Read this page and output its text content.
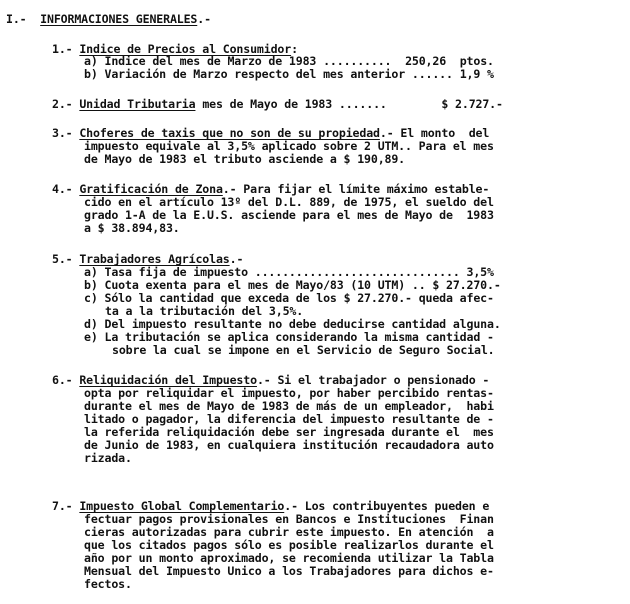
I.- INFORMACIONES GENERALES.-
1.- Indice de Precios al Consumidor:
a) Indice del mes de Marzo de 1983 .......... 250,26 ptos.
b) Variación de Marzo respecto del mes anterior ...... 1,9 %
2.- Unidad Tributaria mes de Mayo de 1983 .......	$ 2.727.-
3.- Choferes de taxis que no son de su propiedad.- El monto  del
impuesto equivale al 3,5% aplicado sobre 2 UTM.. Para el mes
de Mayo de 1983 el tributo asciende a $ 190,89.
4.- Gratificación de Zona.- Para fijar el límite máximo estable-
cido en el artículo 13º del D.L. 889, de 1975, el sueldo del
grado 1-A de la E.U.S. asciende para el mes de Mayo de  1983
a $ 38.894,83.
5.- Trabajadores Agrícolas.-
a) Tasa fija de impuesto .............................. 3,5%
b) Cuota exenta para el mes de Mayo/83 (10 UTM) .. $ 27.270.-
c) Sólo la cantidad que exceda de los $ 27.270.- queda afec-
ta a la tributación del 3,5%.
d) Del impuesto resultante no debe deducirse cantidad alguna.
e) La tributación se aplica considerando la misma cantidad -
sobre la cual se impone en el Servicio de Seguro Social.
6.- Reliquidación del Impuesto.- Si el trabajador o pensionado -
opta por reliquidar el impuesto, por haber percibido rentas-
durante el mes de Mayo de 1983 de más de un empleador,  habi
litado o pagador, la diferencia del impuesto resultante de -
la referida reliquidación debe ser ingresada durante el  mes
de Junio de 1983, en cualquiera institución recaudadora auto
rizada.
7.- Impuesto Global Complementario.- Los contribuyentes pueden e
fectuar pagos provisionales en Bancos e Instituciones  Finan
cieras autorizadas para cubrir este impuesto. En atención  a
que los citados pagos sólo es posible realizarlos durante el
año por un monto aproximado, se recomienda utilizar la Tabla
Mensual del Impuesto Unico a los Trabajadores para dichos e-
fectos.
